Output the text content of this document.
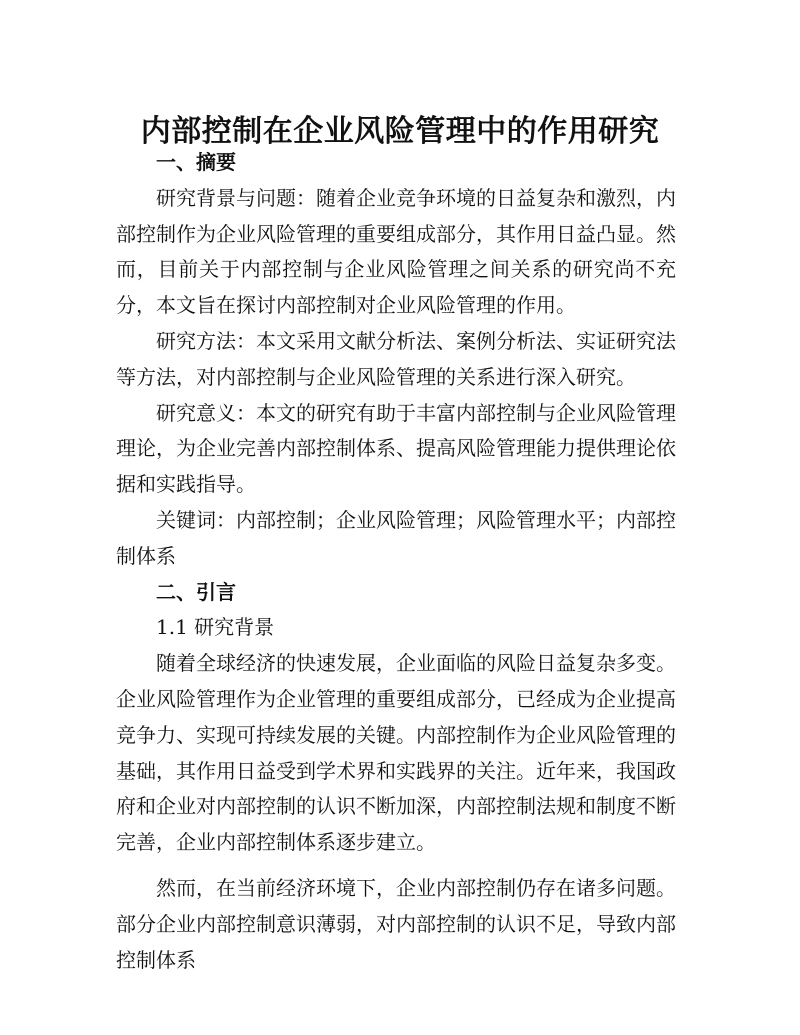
内部控制在企业风险管理中的作用研究

一、摘要

研究背景与问题：随着企业竞争环境的日益复杂和激烈，内部控制作为企业风险管理的重要组成部分，其作用日益凸显。然而，目前关于内部控制与企业风险管理之间关系的研究尚不充分，本文旨在探讨内部控制对企业风险管理的作用。

研究方法：本文采用文献分析法、案例分析法、实证研究法等方法，对内部控制与企业风险管理的关系进行深入研究。

研究意义：本文的研究有助于丰富内部控制与企业风险管理理论，为企业完善内部控制体系、提高风险管理能力提供理论依据和实践指导。

关键词：内部控制；企业风险管理；风险管理水平；内部控制体系

二、引言

1.1 研究背景

随着全球经济的快速发展，企业面临的风险日益复杂多变。企业风险管理作为企业管理的重要组成部分，已经成为企业提高竞争力、实现可持续发展的关键。内部控制作为企业风险管理的基础，其作用日益受到学术界和实践界的关注。近年来，我国政府和企业对内部控制的认识不断加深，内部控制法规和制度不断完善，企业内部控制体系逐步建立。

然而，在当前经济环境下，企业内部控制仍存在诸多问题。部分企业内部控制意识薄弱，对内部控制的认识不足，导致内部控制体系
